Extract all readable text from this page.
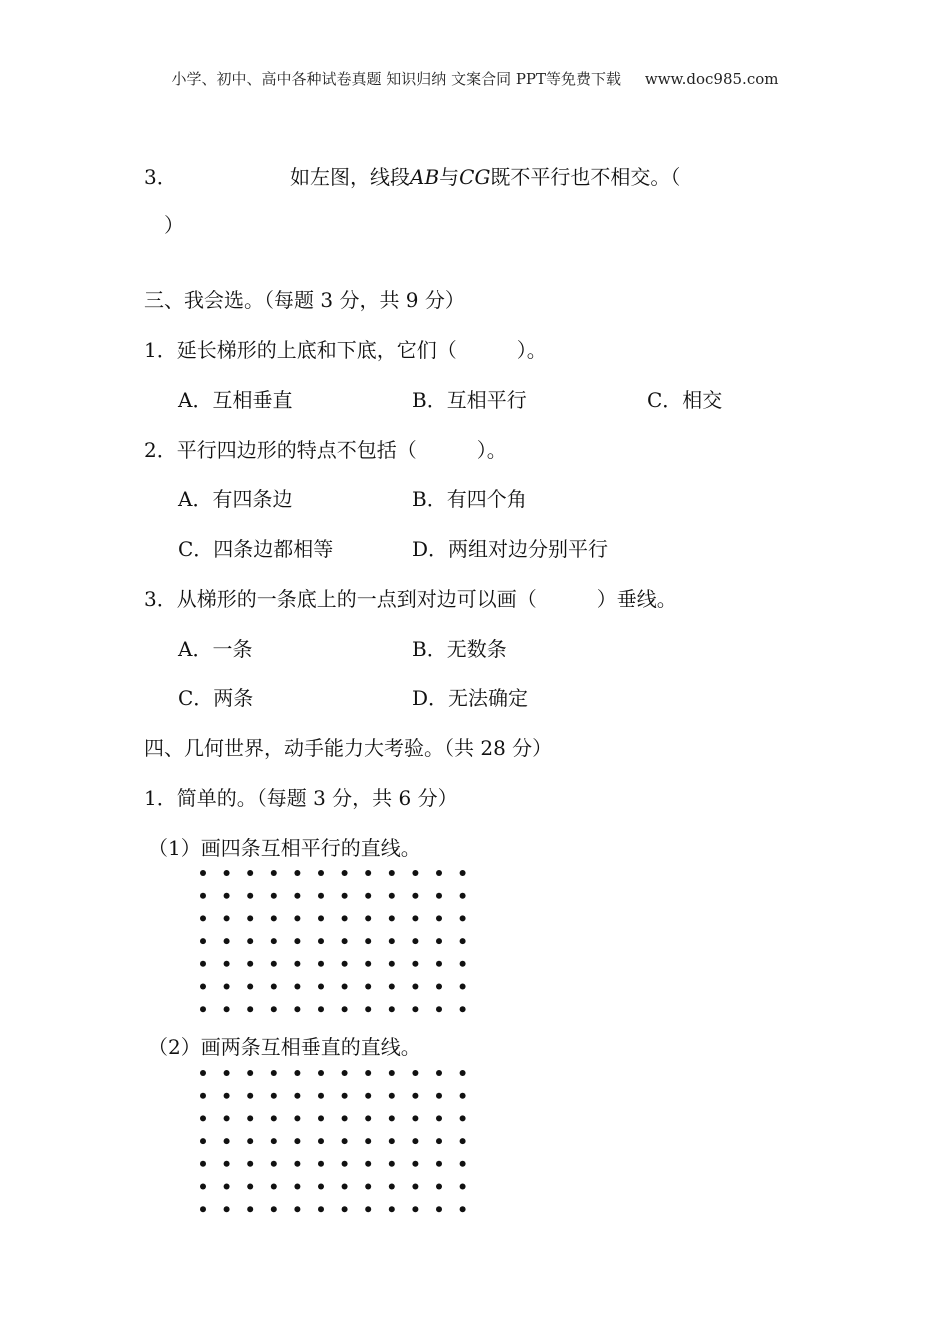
小学、初中、高中各种试卷真题 知识归纳 文案合同 PPT等免费下载 www.doc985.com
3．	如左图，线段AB与CG既不平行也不相交。（
）
三、我会选。（每题 3 分，共 9 分）
1．延长梯形的上底和下底，它们（　　　）。
A．互相垂直	B．互相平行	C．相交
2．平行四边形的特点不包括（　　　）。
A．有四条边	B．有四个角
C．四条边都相等	D．两组对边分别平行
3．从梯形的一条底上的一点到对边可以画（　　　）垂线。
A．一条	B．无数条
C．两条	D．无法确定
四、几何世界，动手能力大考验。（共 28 分）
1．简单的。（每题 3 分，共 6 分）
（1）画四条互相平行的直线。
（2）画两条互相垂直的直线。
